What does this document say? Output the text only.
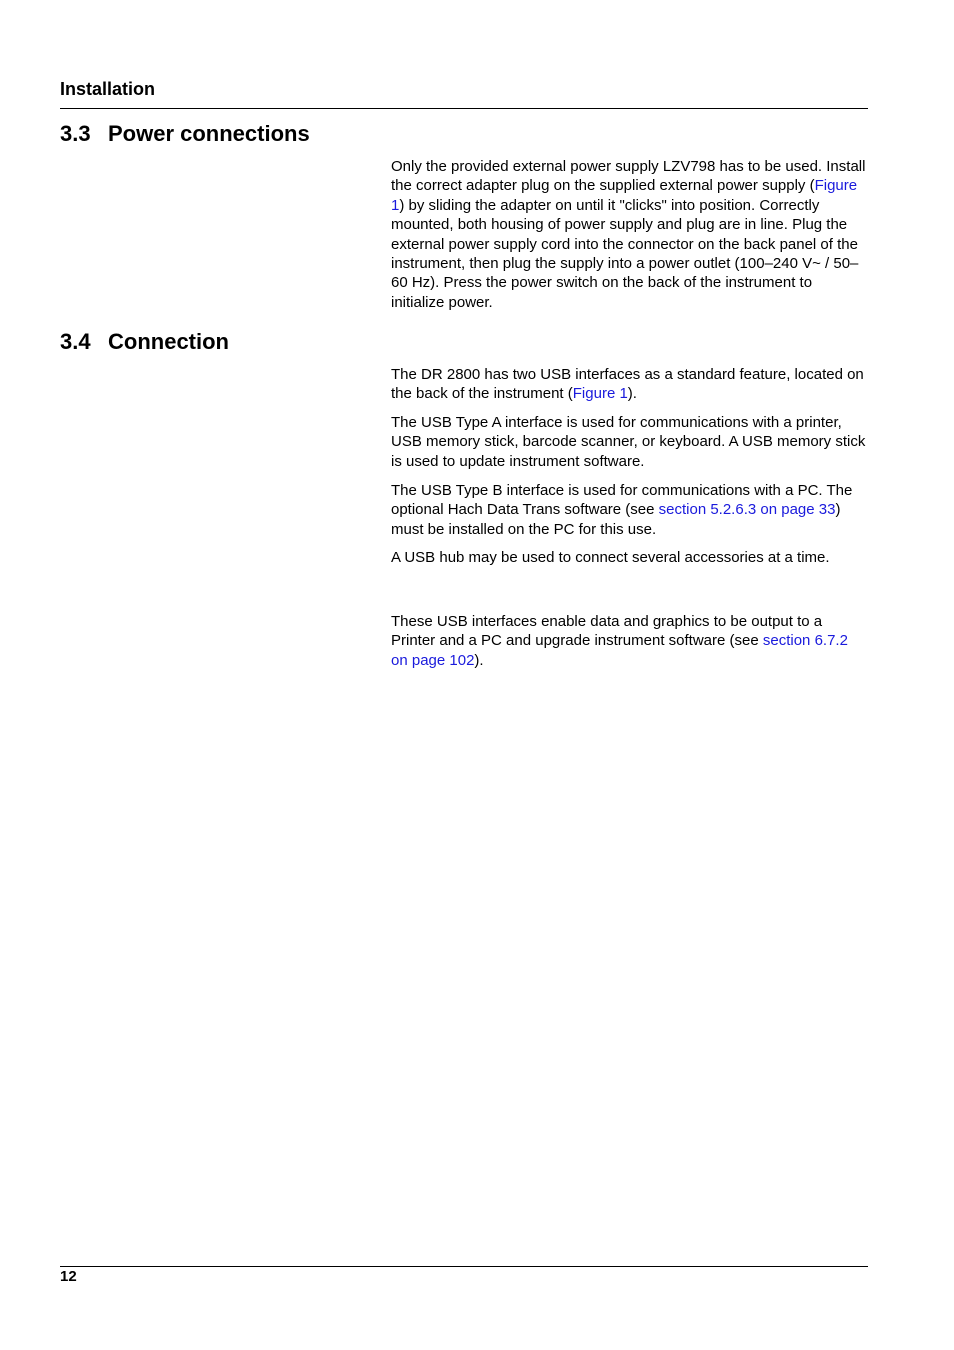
Installation
3.3 Power connections

Only the provided external power supply LZV798 has to be used. Install the correct adapter plug on the supplied external power supply (Figure 1) by sliding the adapter on until it "clicks" into position. Correctly mounted, both housing of power supply and plug are in line. Plug the external power supply cord into the connector on the back panel of the instrument, then plug the supply into a power outlet (100–240 V~ / 50–60 Hz). Press the power switch on the back of the instrument to initialize power.

3.4 Connection

The DR 2800 has two USB interfaces as a standard feature, located on the back of the instrument (Figure 1).

The USB Type A interface is used for communications with a printer, USB memory stick, barcode scanner, or keyboard. A USB memory stick is used to update instrument software.

The USB Type B interface is used for communications with a PC. The optional Hach Data Trans software (see section 5.2.6.3 on page 33) must be installed on the PC for this use.

A USB hub may be used to connect several accessories at a time.

These USB interfaces enable data and graphics to be output to a Printer and a PC and upgrade instrument software (see section 6.7.2 on page 102).

12
